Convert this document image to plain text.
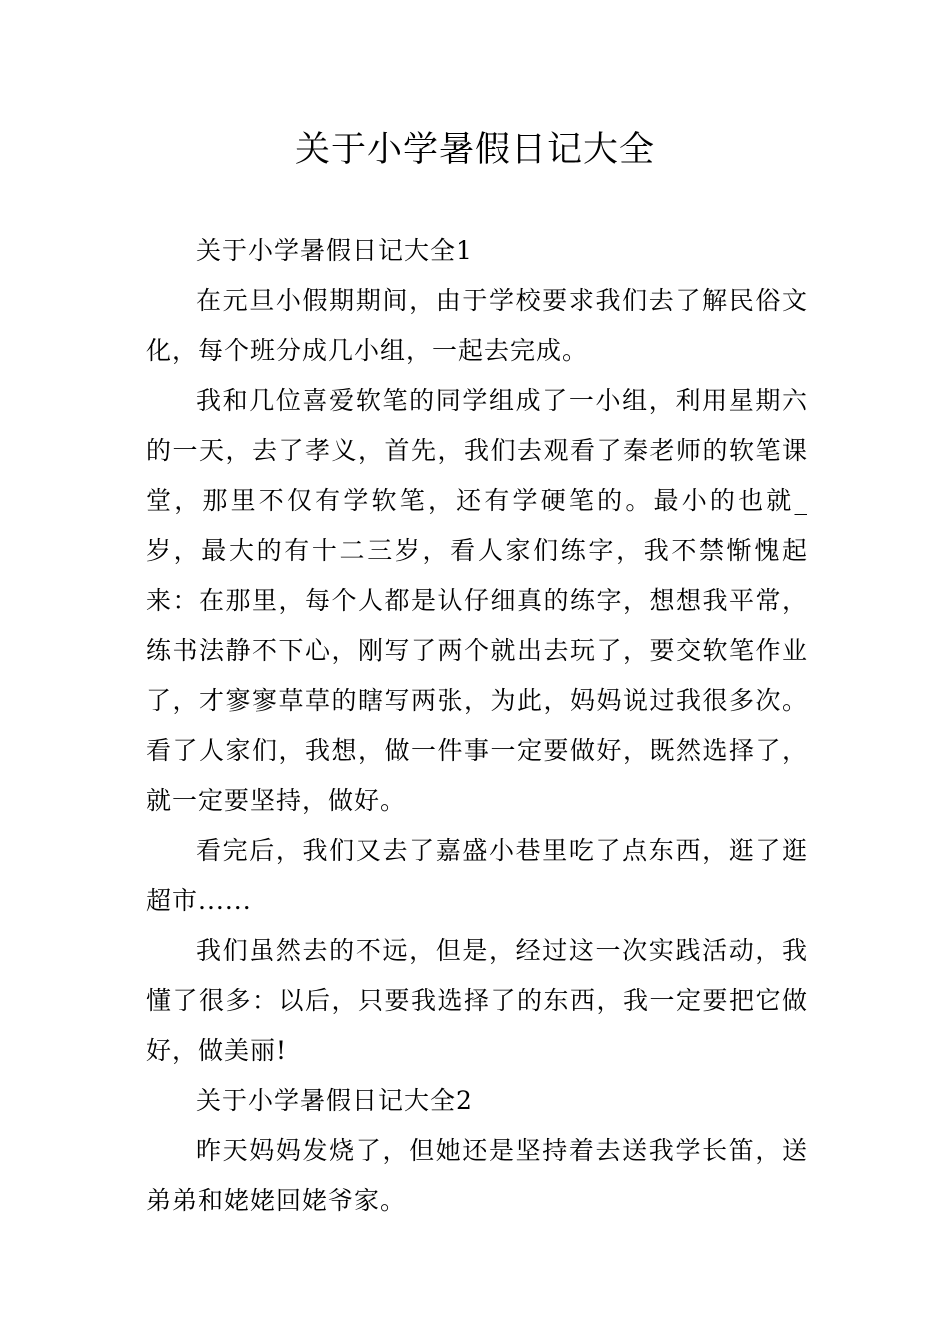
关于小学暑假日记大全

关于小学暑假日记大全1

在元旦小假期期间，由于学校要求我们去了解民俗文化，每个班分成几小组，一起去完成。

我和几位喜爱软笔的同学组成了一小组，利用星期六的一天，去了孝义，首先，我们去观看了秦老师的软笔课堂，那里不仅有学软笔，还有学硬笔的。最小的也就_岁，最大的有十二三岁，看人家们练字，我不禁惭愧起来：在那里，每个人都是认仔细真的练字，想想我平常，练书法静不下心，刚写了两个就出去玩了，要交软笔作业了，才寥寥草草的瞎写两张，为此，妈妈说过我很多次。看了人家们，我想，做一件事一定要做好，既然选择了，就一定要坚持，做好。

看完后，我们又去了嘉盛小巷里吃了点东西，逛了逛超市......

我们虽然去的不远，但是，经过这一次实践活动，我懂了很多：以后，只要我选择了的东西，我一定要把它做好，做美丽!

关于小学暑假日记大全2

昨天妈妈发烧了，但她还是坚持着去送我学长笛，送弟弟和姥姥回姥爷家。
